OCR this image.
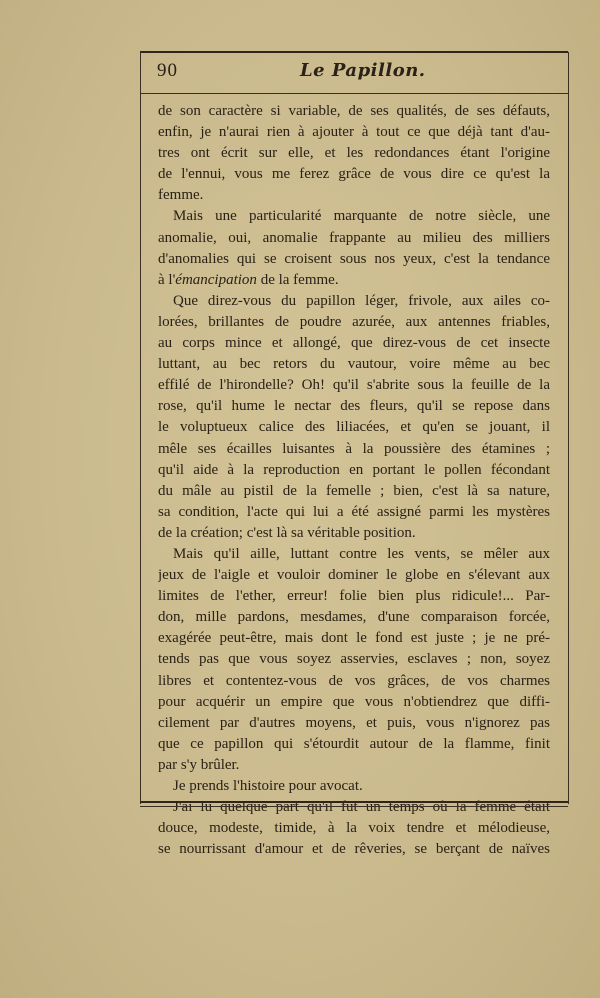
90	Le Papillon.
de son caractère si variable, de ses qualités, de ses défauts,
enfin, je n'aurai rien à ajouter à tout ce que déjà tant d'au-
tres ont écrit sur elle, et les redondances étant l'origine
de l'ennui, vous me ferez grâce de vous dire ce qu'est la
femme.
Mais une particularité marquante de notre siècle, une
anomalie, oui, anomalie frappante au milieu des milliers
d'anomalies qui se croisent sous nos yeux, c'est la tendance
à l'émancipation de la femme.
Que direz-vous du papillon léger, frivole, aux ailes co-
lorées, brillantes de poudre azurée, aux antennes friables,
au corps mince et allongé, que direz-vous de cet insecte
luttant, au bec retors du vautour, voire même au bec
effilé de l'hirondelle? Oh! qu'il s'abrite sous la feuille de la
rose, qu'il hume le nectar des fleurs, qu'il se repose dans
le voluptueux calice des liliacées, et qu'en se jouant, il
mêle ses écailles luisantes à la poussière des étamines ;
qu'il aide à la reproduction en portant le pollen fécondant
du mâle au pistil de la femelle ; bien, c'est là sa nature,
sa condition, l'acte qui lui a été assigné parmi les mystères
de la création; c'est là sa véritable position.
Mais qu'il aille, luttant contre les vents, se mêler aux
jeux de l'aigle et vouloir dominer le globe en s'élevant aux
limites de l'ether, erreur! folie bien plus ridicule!... Par-
don, mille pardons, mesdames, d'une comparaison forcée,
exagérée peut-être, mais dont le fond est juste ; je ne pré-
tends pas que vous soyez asservies, esclaves ; non, soyez
libres et contentez-vous de vos grâces, de vos charmes
pour acquérir un empire que vous n'obtiendrez que diffi-
cilement par d'autres moyens, et puis, vous n'ignorez pas
que ce papillon qui s'étourdit autour de la flamme, finit
par s'y brûler.
Je prends l'histoire pour avocat.
J'ai lu quelque part qu'il fut un temps où la femme était
douce, modeste, timide, à la voix tendre et mélodieuse,
se nourrissant d'amour et de rêveries, se berçant de naïves
